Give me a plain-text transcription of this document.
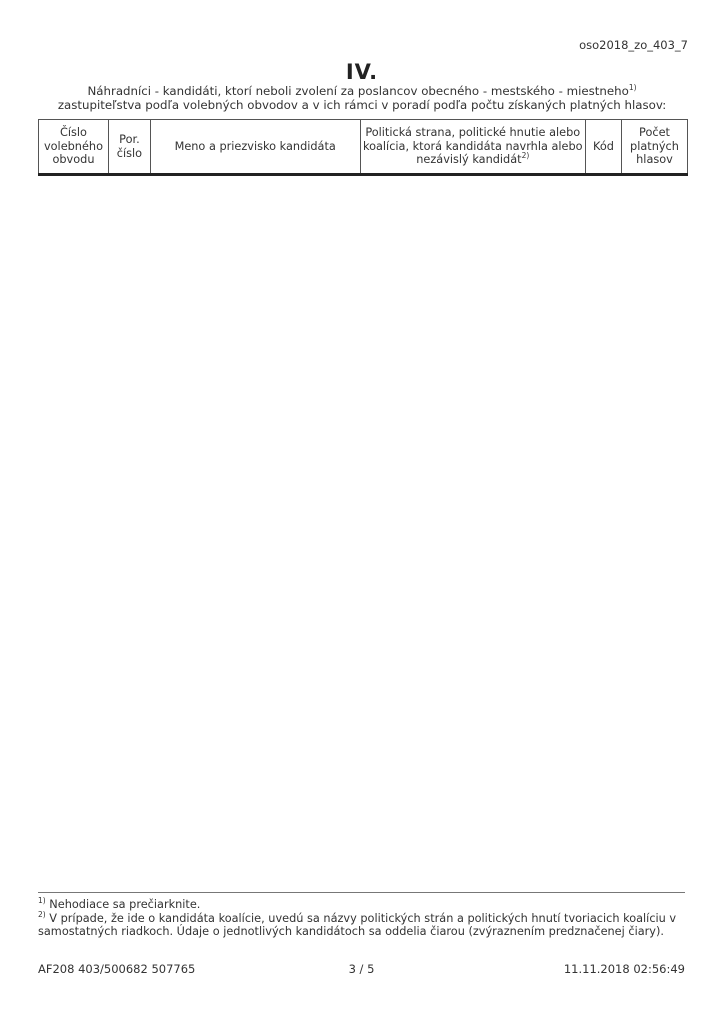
oso2018_zo_403_7
IV.
Náhradníci - kandidáti, ktorí neboli zvolení za poslancov obecného - mestského - miestneho$^{1)}$
zastupiteľstva podľa volebných obvodov a v ich rámci v poradí podľa počtu získaných platných hlasov:
Číslo volebného obvodu	Por. číslo	Meno a priezvisko kandidáta	Politická strana, politické hnutie alebo koalícia, ktorá kandidáta navrhla alebo nezávislý kandidát$^{2)}$	Kód	Počet platných hlasov

$^{1)}$ Nehodiace sa prečiarknite.

$^{2)}$ V prípade, že ide o kandidáta koalície, uvedú sa názvy politických strán a politických hnutí tvoriacich koalíciu v samostatných riadkoch. Údaje o jednotlivých kandidátoch sa oddelia čiarou (zvýraznením predznačenej čiary).

AF208 403/500682 507765	3 / 5	11.11.2018 02:56:49
